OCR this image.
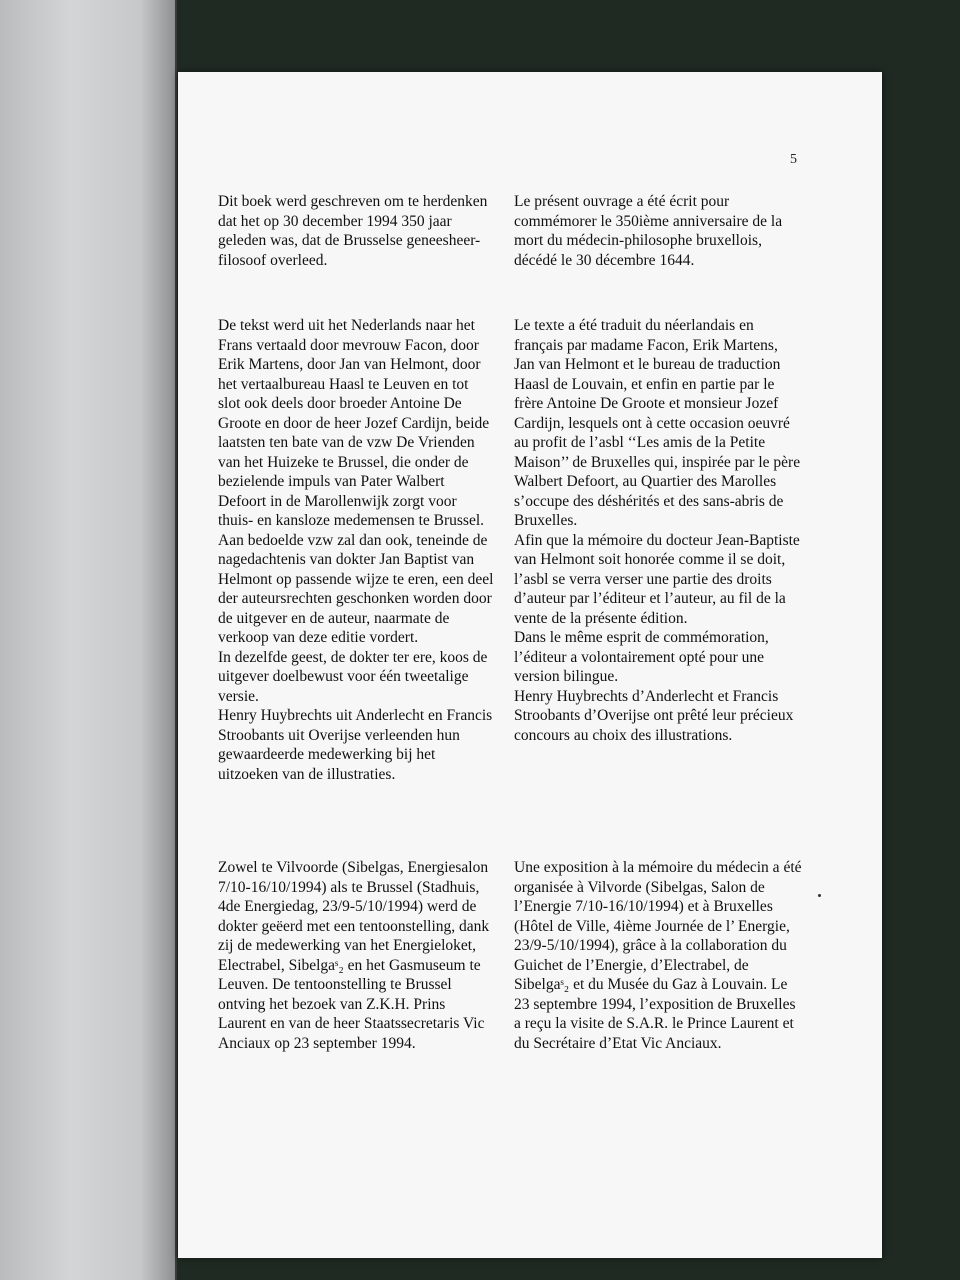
5

Dit boek werd geschreven om te herdenken dat het op 30 december 1994 350 jaar geleden was, dat de Brusselse geneesheer-filosoof overleed.

Le présent ouvrage a été écrit pour commémorer le 350ième anniversaire de la mort du médecin-philosophe bruxellois, décédé le 30 décembre 1644.

De tekst werd uit het Nederlands naar het Frans vertaald door mevrouw Facon, door Erik Martens, door Jan van Helmont, door het vertaalbureau Haasl te Leuven en tot slot ook deels door broeder Antoine De Groote en door de heer Jozef Cardijn, beide laatsten ten bate van de vzw De Vrienden van het Huizeke te Brussel, die onder de bezielende impuls van Pater Walbert Defoort in de Marollenwijk zorgt voor thuis- en kansloze medemensen te Brussel.

Aan bedoelde vzw zal dan ook, teneinde de nagedachtenis van dokter Jan Baptist van Helmont op passende wijze te eren, een deel der auteursrechten geschonken worden door de uitgever en de auteur, naarmate de verkoop van deze editie vordert.

In dezelfde geest, de dokter ter ere, koos de uitgever doelbewust voor één tweetalige versie.

Henry Huybrechts uit Anderlecht en Francis Stroobants uit Overijse verleenden hun gewaardeerde medewerking bij het uitzoeken van de illustraties.

Le texte a été traduit du néerlandais en français par madame Facon, Erik Martens, Jan van Helmont et le bureau de traduction Haasl de Louvain, et enfin en partie par le frère Antoine De Groote et monsieur Jozef Cardijn, lesquels ont à cette occasion oeuvré au profit de l’asbl ‘‘Les amis de la Petite Maison’’ de Bruxelles qui, inspirée par le père Walbert Defoort, au Quartier des Marolles s’occupe des déshérités et des sans-abris de Bruxelles.

Afin que la mémoire du docteur Jean-Baptiste van Helmont soit honorée comme il se doit, l’asbl se verra verser une partie des droits d’auteur par l’éditeur et l’auteur, au fil de la vente de la présente édition.

Dans le même esprit de commémoration, l’éditeur a volontairement opté pour une version bilingue.

Henry Huybrechts d’Anderlecht et Francis Stroobants d’Overijse ont prêté leur précieux concours au choix des illustrations.

Zowel te Vilvoorde (Sibelgas, Energiesalon 7/10-16/10/1994) als te Brussel (Stadhuis, 4de Energiedag, 23/9-5/10/1994) werd de dokter geëerd met een tentoonstelling, dank zij de medewerking van het Energieloket, Electrabel, Sibelgaˢ₂ en het Gasmuseum te Leuven. De tentoonstelling te Brussel ontving het bezoek van Z.K.H. Prins Laurent en van de heer Staatssecretaris Vic Anciaux op 23 september 1994.

Une exposition à la mémoire du médecin a été organisée à Vilvorde (Sibelgas, Salon de l’Energie 7/10-16/10/1994) et à Bruxelles (Hôtel de Ville, 4ième Journée de l’ Energie, 23/9-5/10/1994), grâce à la collaboration du Guichet de l’Energie, d’Electrabel, de Sibelgaˢ₂ et du Musée du Gaz à Louvain. Le 23 septembre 1994, l’exposition de Bruxelles a reçu la visite de S.A.R. le Prince Laurent et du Secrétaire d’Etat Vic Anciaux.
